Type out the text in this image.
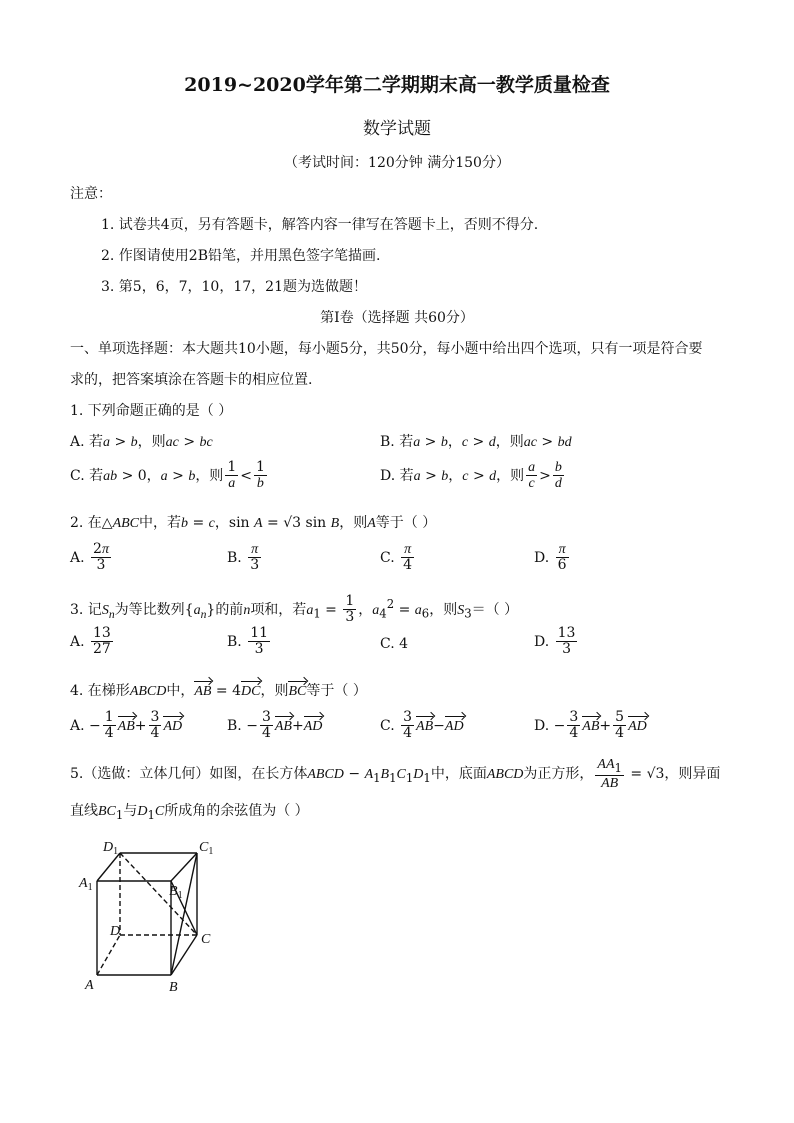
2019~2020学年第二学期期末高一教学质量检查
数学试题
（考试时间：120分钟 满分150分）
注意：
1. 试卷共4页，另有答题卡，解答内容一律写在答题卡上，否则不得分.
2. 作图请使用2B铅笔，并用黑色签字笔描画.
3. 第5，6，7，10，17，21题为选做题！
第Ⅰ卷（选择题 共60分）
一、单项选择题：本大题共10小题，每小题5分，共50分，每小题中给出四个选项，只有一项是符合要
求的，把答案填涂在答题卡的相应位置.
1. 下列命题正确的是（ ）
A. 若a > b，则ac > bc	B. 若a > b，c > d，则ac > bd
C. 若ab > 0，a > b，则 $\frac{1}{a} < \frac{1}{b}$	D. 若a > b，c > d，则 $\frac{a}{c} > \frac{b}{d}$
2. 在△ABC中，若b = c，sin A = √3 sin B，则A等于（ ）
A. $\frac{2\pi}{3}$	B. $\frac{\pi}{3}$	C. $\frac{\pi}{4}$	D. $\frac{\pi}{6}$
3. 记$S_n$为等比数列$\{a_n\}$的前n项和，若$a_1 = \frac{1}{3}$ ，$a_4^2 = a_6$，则$S_3=$（ ）
A. $\frac{13}{27}$	B. $\frac{11}{3}$	C. 4	D. $\frac{13}{3}$
4. 在梯形ABCD中，AB = 4DC，则BC等于（ ）
A. − $\frac{1}{4} AB+ \frac{3}{4}$ AD	B. − $\frac{3}{4} AB+AD$	C. $\frac{3}{4} AB-AD$	D. − $\frac{3}{4} AB+ \frac{5}{4}$ AD
5.（选做：立体几何）如图，在长方体ABCD − $A_1B_1C_1D_1$中，底面ABCD为正方形， $\frac{AA_1}{AB} = √3$，则异面
直线$BC_1$与$D_1C$所成角的余弦值为（ ）
$D_1$	$C_1$
$A_1$	$B_1$
D
C
A	B
